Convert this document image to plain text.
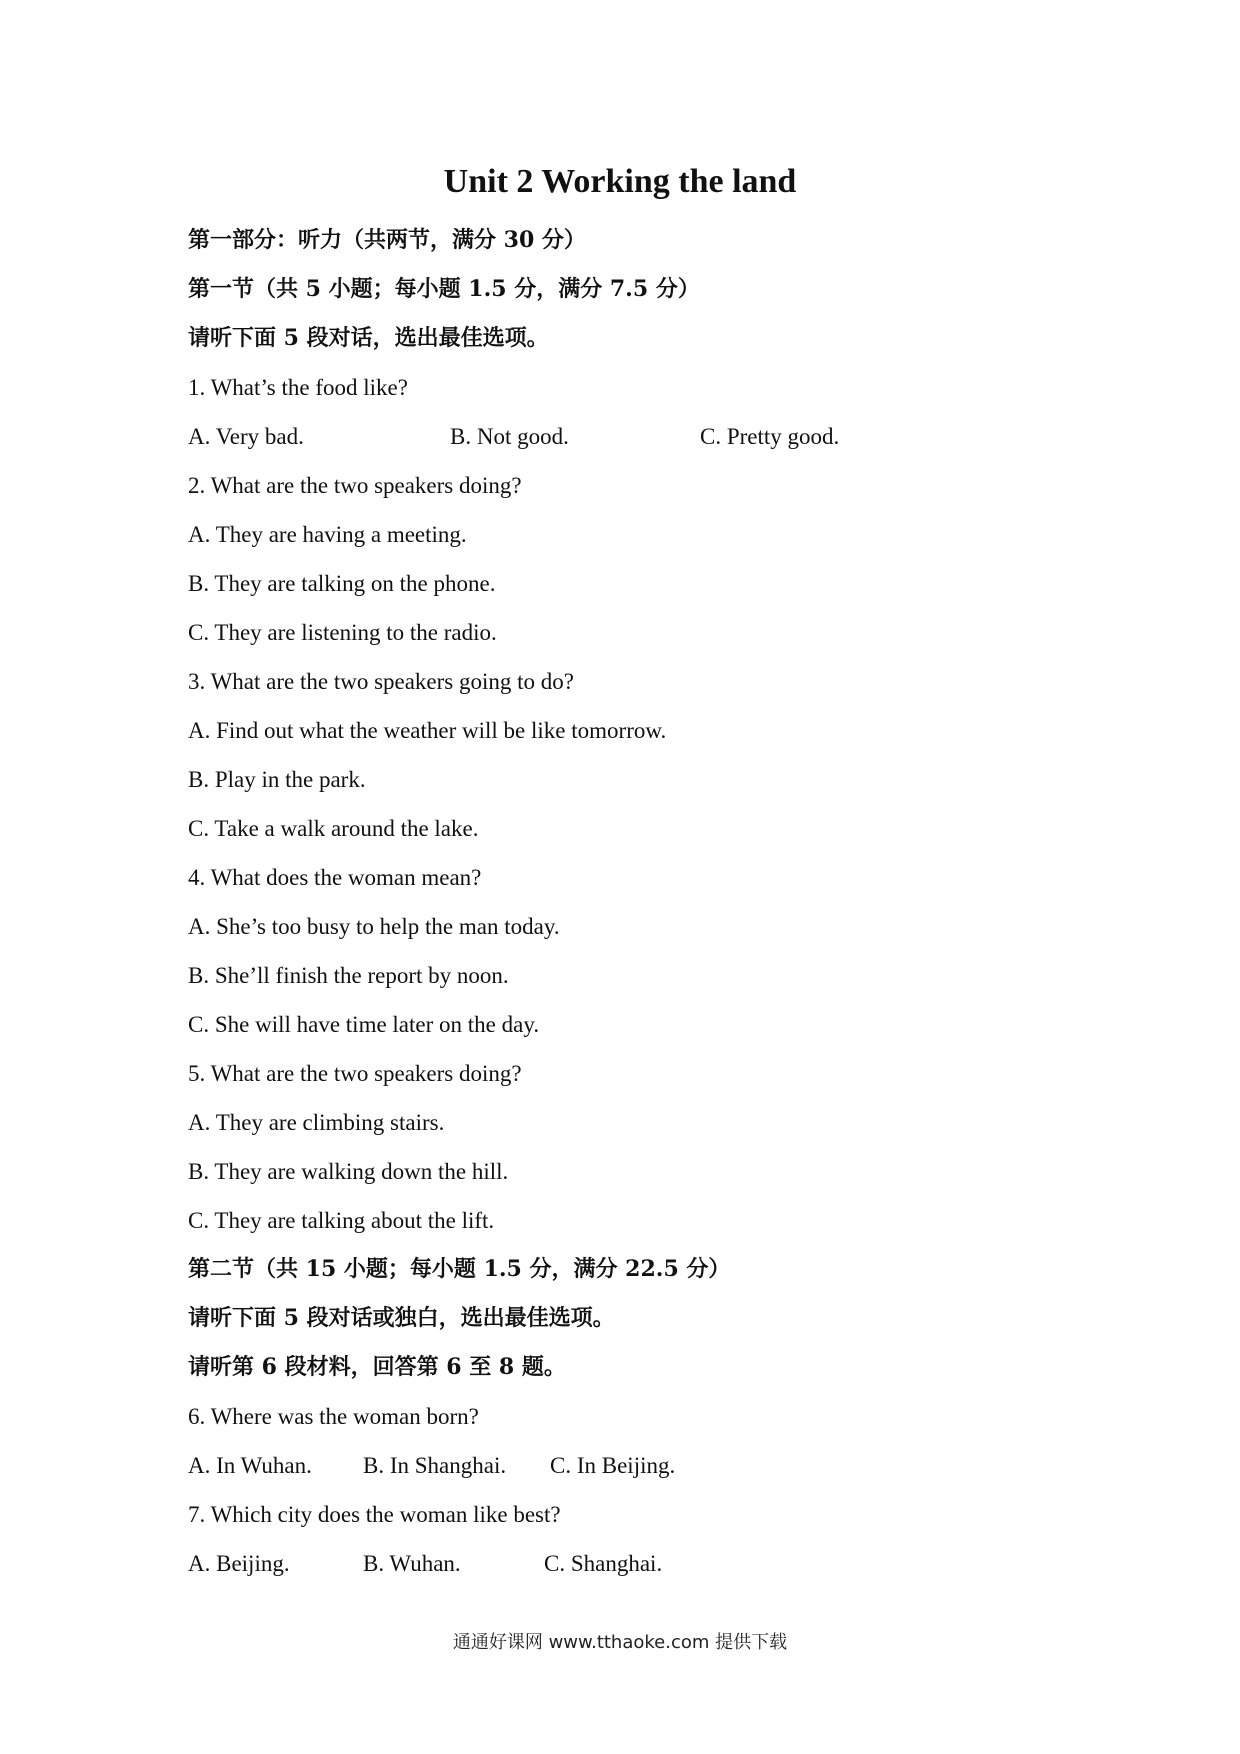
Unit 2 Working the land
第一部分：听力（共两节，满分 30 分）
第一节（共 5 小题；每小题 1.5 分，满分 7.5 分）
请听下面 5 段对话，选出最佳选项。
1. What’s the food like?
A. Very bad.	B. Not good.	C. Pretty good.
2. What are the two speakers doing?
A. They are having a meeting.
B. They are talking on the phone.
C. They are listening to the radio.
3. What are the two speakers going to do?
A. Find out what the weather will be like tomorrow.
B. Play in the park.
C. Take a walk around the lake.
4. What does the woman mean?
A. She’s too busy to help the man today.
B. She’ll finish the report by noon.
C. She will have time later on the day.
5. What are the two speakers doing?
A. They are climbing stairs.
B. They are walking down the hill.
C. They are talking about the lift.
第二节（共 15 小题；每小题 1.5 分，满分 22.5 分）
请听下面 5 段对话或独白，选出最佳选项。
请听第 6 段材料，回答第 6 至 8 题。
6. Where was the woman born?
A. In Wuhan. B. In Shanghai. C. In Beijing.
7. Which city does the woman like best?
A. Beijing.	B. Wuhan.	C. Shanghai.
通通好课网 www.tthaoke.com 提供下载
